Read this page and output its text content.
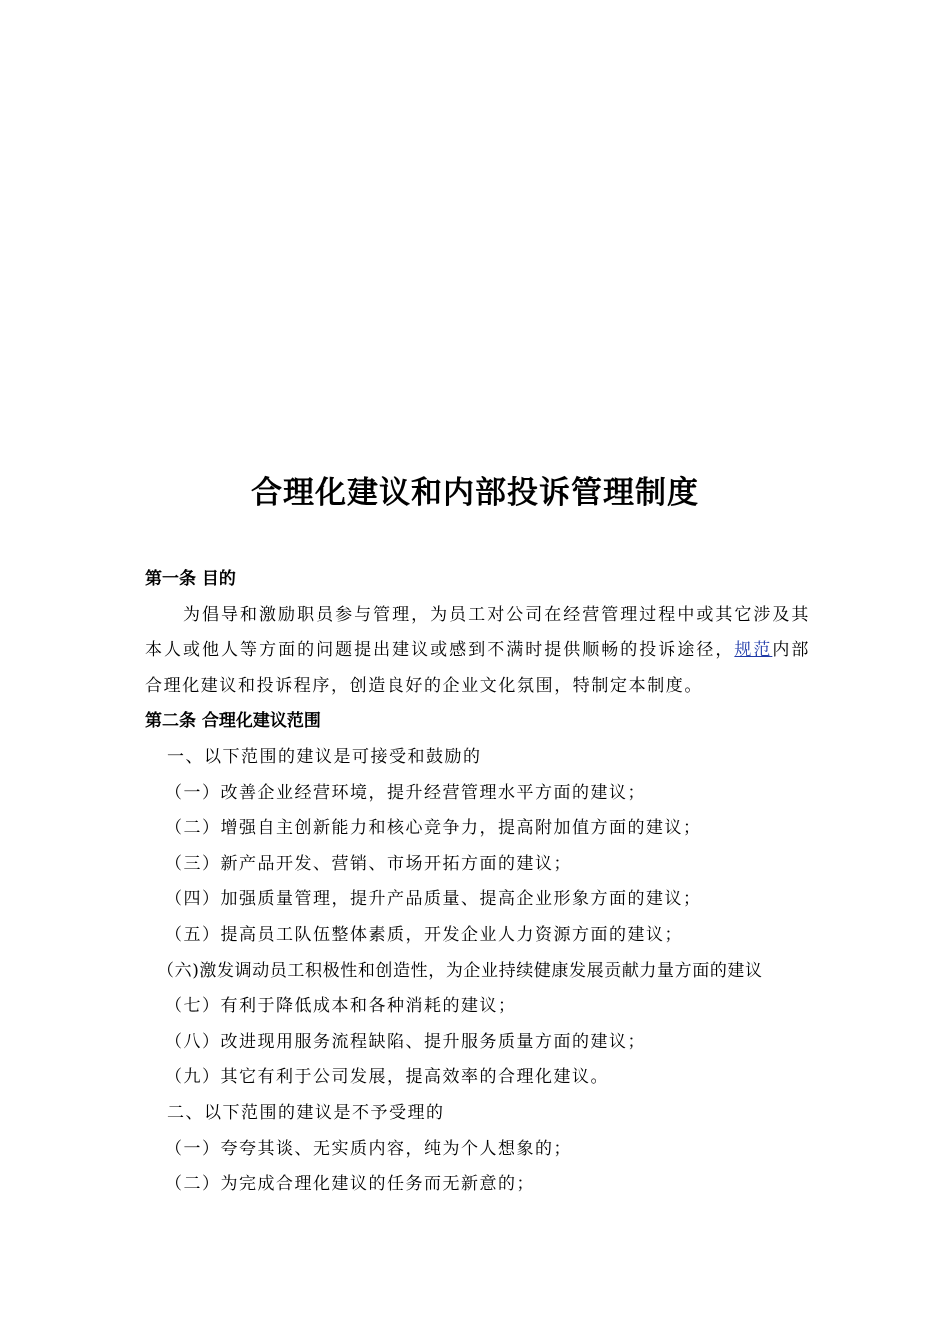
合理化建议和内部投诉管理制度
第一条 目的

为倡导和激励职员参与管理，为员工对公司在经营管理过程中或其它涉及其本人或他人等方面的问题提出建议或感到不满时提供顺畅的投诉途径，规范内部合理化建议和投诉程序，创造良好的企业文化氛围，特制定本制度。

第二条 合理化建议范围
一、以下范围的建议是可接受和鼓励的
（一）改善企业经营环境，提升经营管理水平方面的建议；
（二）增强自主创新能力和核心竞争力，提高附加值方面的建议；
（三）新产品开发、营销、市场开拓方面的建议；
（四）加强质量管理，提升产品质量、提高企业形象方面的建议；
（五）提高员工队伍整体素质，开发企业人力资源方面的建议；
（六)激发调动员工积极性和创造性，为企业持续健康发展贡献力量方面的建议
（七）有利于降低成本和各种消耗的建议；
（八）改进现用服务流程缺陷、提升服务质量方面的建议；
（九）其它有利于公司发展，提高效率的合理化建议。
二、以下范围的建议是不予受理的
（一）夸夸其谈、无实质内容，纯为个人想象的；
（二）为完成合理化建议的任务而无新意的；
